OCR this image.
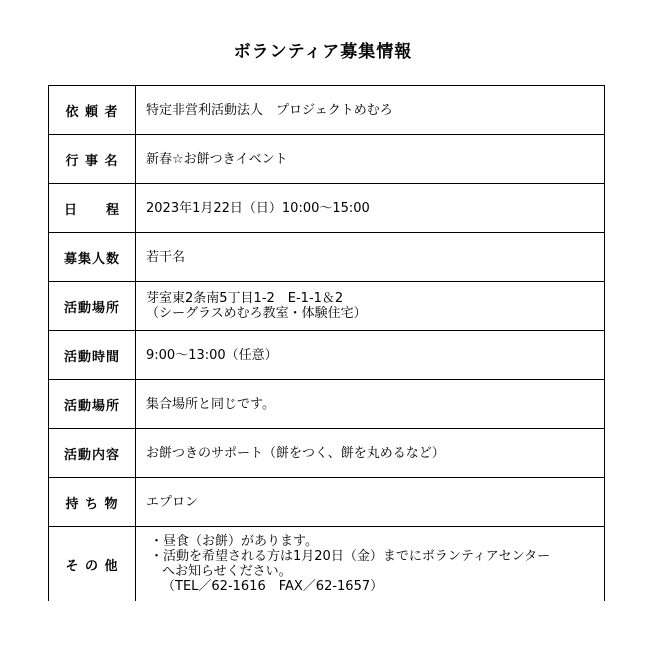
ボランティア募集情報
依 頼 者	特定非営利活動法人　プロジェクトめむろ

行 事 名	新春☆お餅つきイベント

日　　程	2023年1月22日（日）10:00～15:00

募集人数	若干名

活動場所	芽室東2条南5丁目1-2　E-1-1＆2
（シーグラスめむろ教室・体験住宅）

活動時間	9:00～13:00（任意）

活動場所	集合場所と同じです。

活動内容	お餅つきのサポート（餅をつく、餅を丸めるなど）

持 ち 物	エプロン

そ の 他	・昼食（お餅）があります。
・活動を希望される方は1月20日（金）までにボランティアセンター
へお知らせください。
（TEL／62-1616　FAX／62-1657）
